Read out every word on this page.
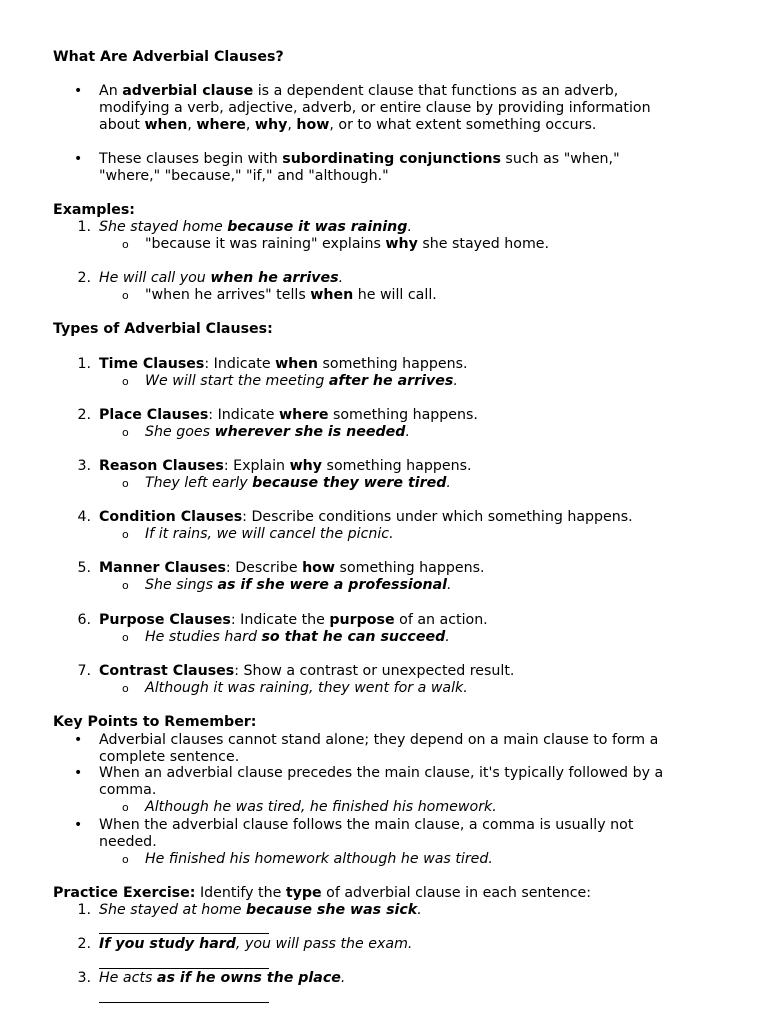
What Are Adverbial Clauses?
• An adverbial clause is a dependent clause that functions as an adverb,
modifying a verb, adjective, adverb, or entire clause by providing information
about when, where, why, how, or to what extent something occurs.
• These clauses begin with subordinating conjunctions such as "when,"
"where," "because," "if," and "although."
Examples:
1. She stayed home because it was raining.
o "because it was raining" explains why she stayed home.
2. He will call you when he arrives.
o "when he arrives" tells when he will call.
Types of Adverbial Clauses:
1. Time Clauses: Indicate when something happens.
o We will start the meeting after he arrives.
2. Place Clauses: Indicate where something happens.
o She goes wherever she is needed.
3. Reason Clauses: Explain why something happens.
o They left early because they were tired.
4. Condition Clauses: Describe conditions under which something happens.
o If it rains, we will cancel the picnic.
5. Manner Clauses: Describe how something happens.
o She sings as if she were a professional.
6. Purpose Clauses: Indicate the purpose of an action.
o He studies hard so that he can succeed.
7. Contrast Clauses: Show a contrast or unexpected result.
o Although it was raining, they went for a walk.
Key Points to Remember:
• Adverbial clauses cannot stand alone; they depend on a main clause to form a
complete sentence.
• When an adverbial clause precedes the main clause, it's typically followed by a
comma.
o Although he was tired, he finished his homework.
• When the adverbial clause follows the main clause, a comma is usually not
needed.
o He finished his homework although he was tired.
Practice Exercise: Identify the type of adverbial clause in each sentence:
1. She stayed at home because she was sick.
2. If you study hard, you will pass the exam.
3. He acts as if he owns the place.
